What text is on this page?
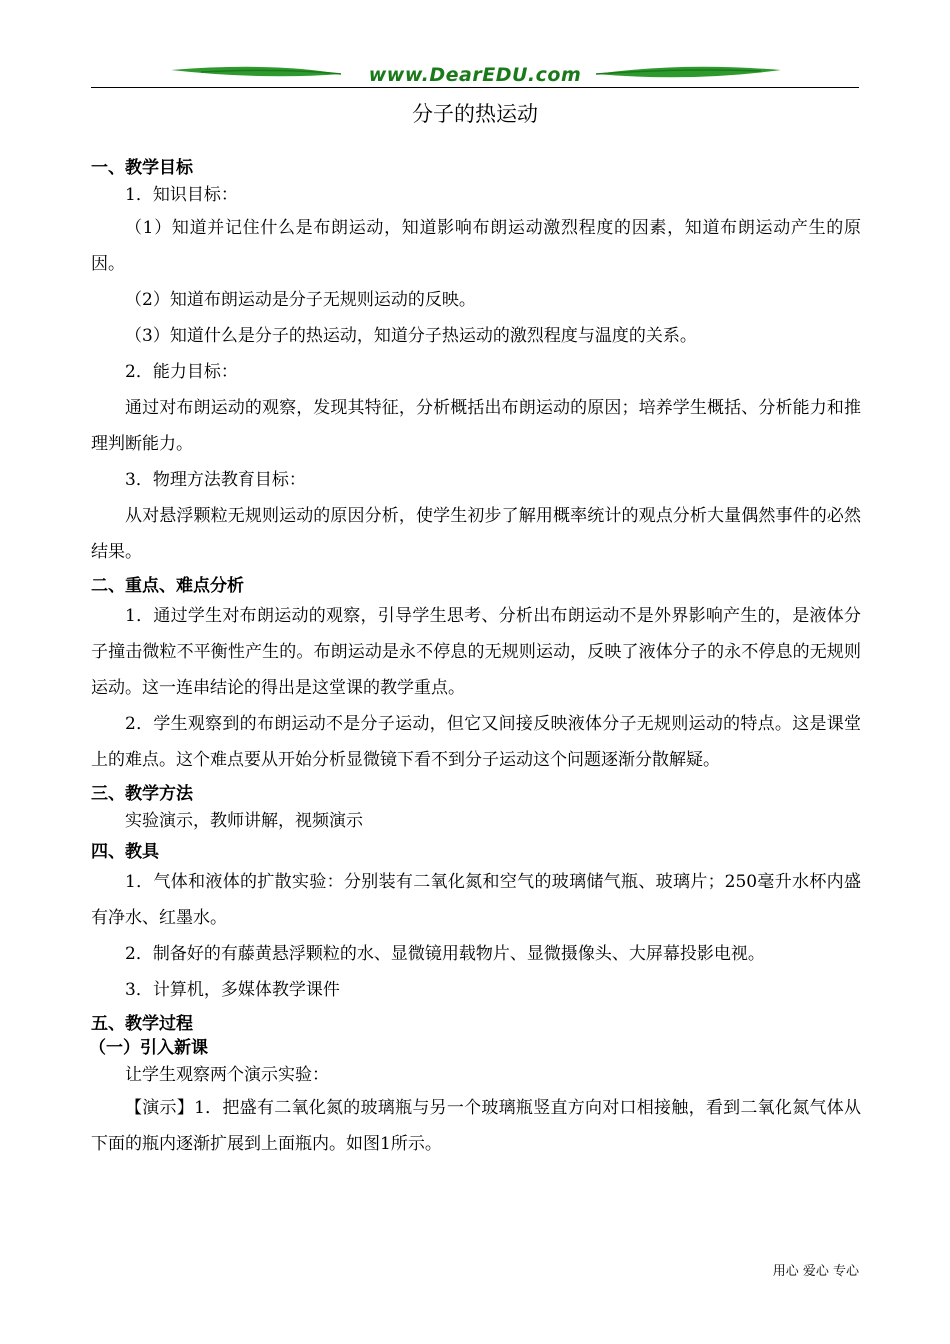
www.DearEDU.com
分子的热运动
一、教学目标
1．知识目标：
（1）知道并记住什么是布朗运动，知道影响布朗运动激烈程度的因素，知道布朗运动产生的原因。
（2）知道布朗运动是分子无规则运动的反映。
（3）知道什么是分子的热运动，知道分子热运动的激烈程度与温度的关系。
2．能力目标：
通过对布朗运动的观察，发现其特征，分析概括出布朗运动的原因；培养学生概括、分析能力和推理判断能力。
3．物理方法教育目标：
从对悬浮颗粒无规则运动的原因分析，使学生初步了解用概率统计的观点分析大量偶然事件的必然结果。
二、重点、难点分析
1．通过学生对布朗运动的观察，引导学生思考、分析出布朗运动不是外界影响产生的，是液体分子撞击微粒不平衡性产生的。布朗运动是永不停息的无规则运动，反映了液体分子的永不停息的无规则运动。这一连串结论的得出是这堂课的教学重点。
2．学生观察到的布朗运动不是分子运动，但它又间接反映液体分子无规则运动的特点。这是课堂上的难点。这个难点要从开始分析显微镜下看不到分子运动这个问题逐渐分散解疑。
三、教学方法
实验演示，教师讲解，视频演示
四、教具
1．气体和液体的扩散实验：分别装有二氧化氮和空气的玻璃储气瓶、玻璃片；250毫升水杯内盛有净水、红墨水。
2．制备好的有藤黄悬浮颗粒的水、显微镜用载物片、显微摄像头、大屏幕投影电视。
3．计算机，多媒体教学课件
五、教学过程
（一）引入新课
让学生观察两个演示实验：
【演示】1．把盛有二氧化氮的玻璃瓶与另一个玻璃瓶竖直方向对口相接触，看到二氧化氮气体从下面的瓶内逐渐扩展到上面瓶内。如图1所示。
用心 爱心 专心
